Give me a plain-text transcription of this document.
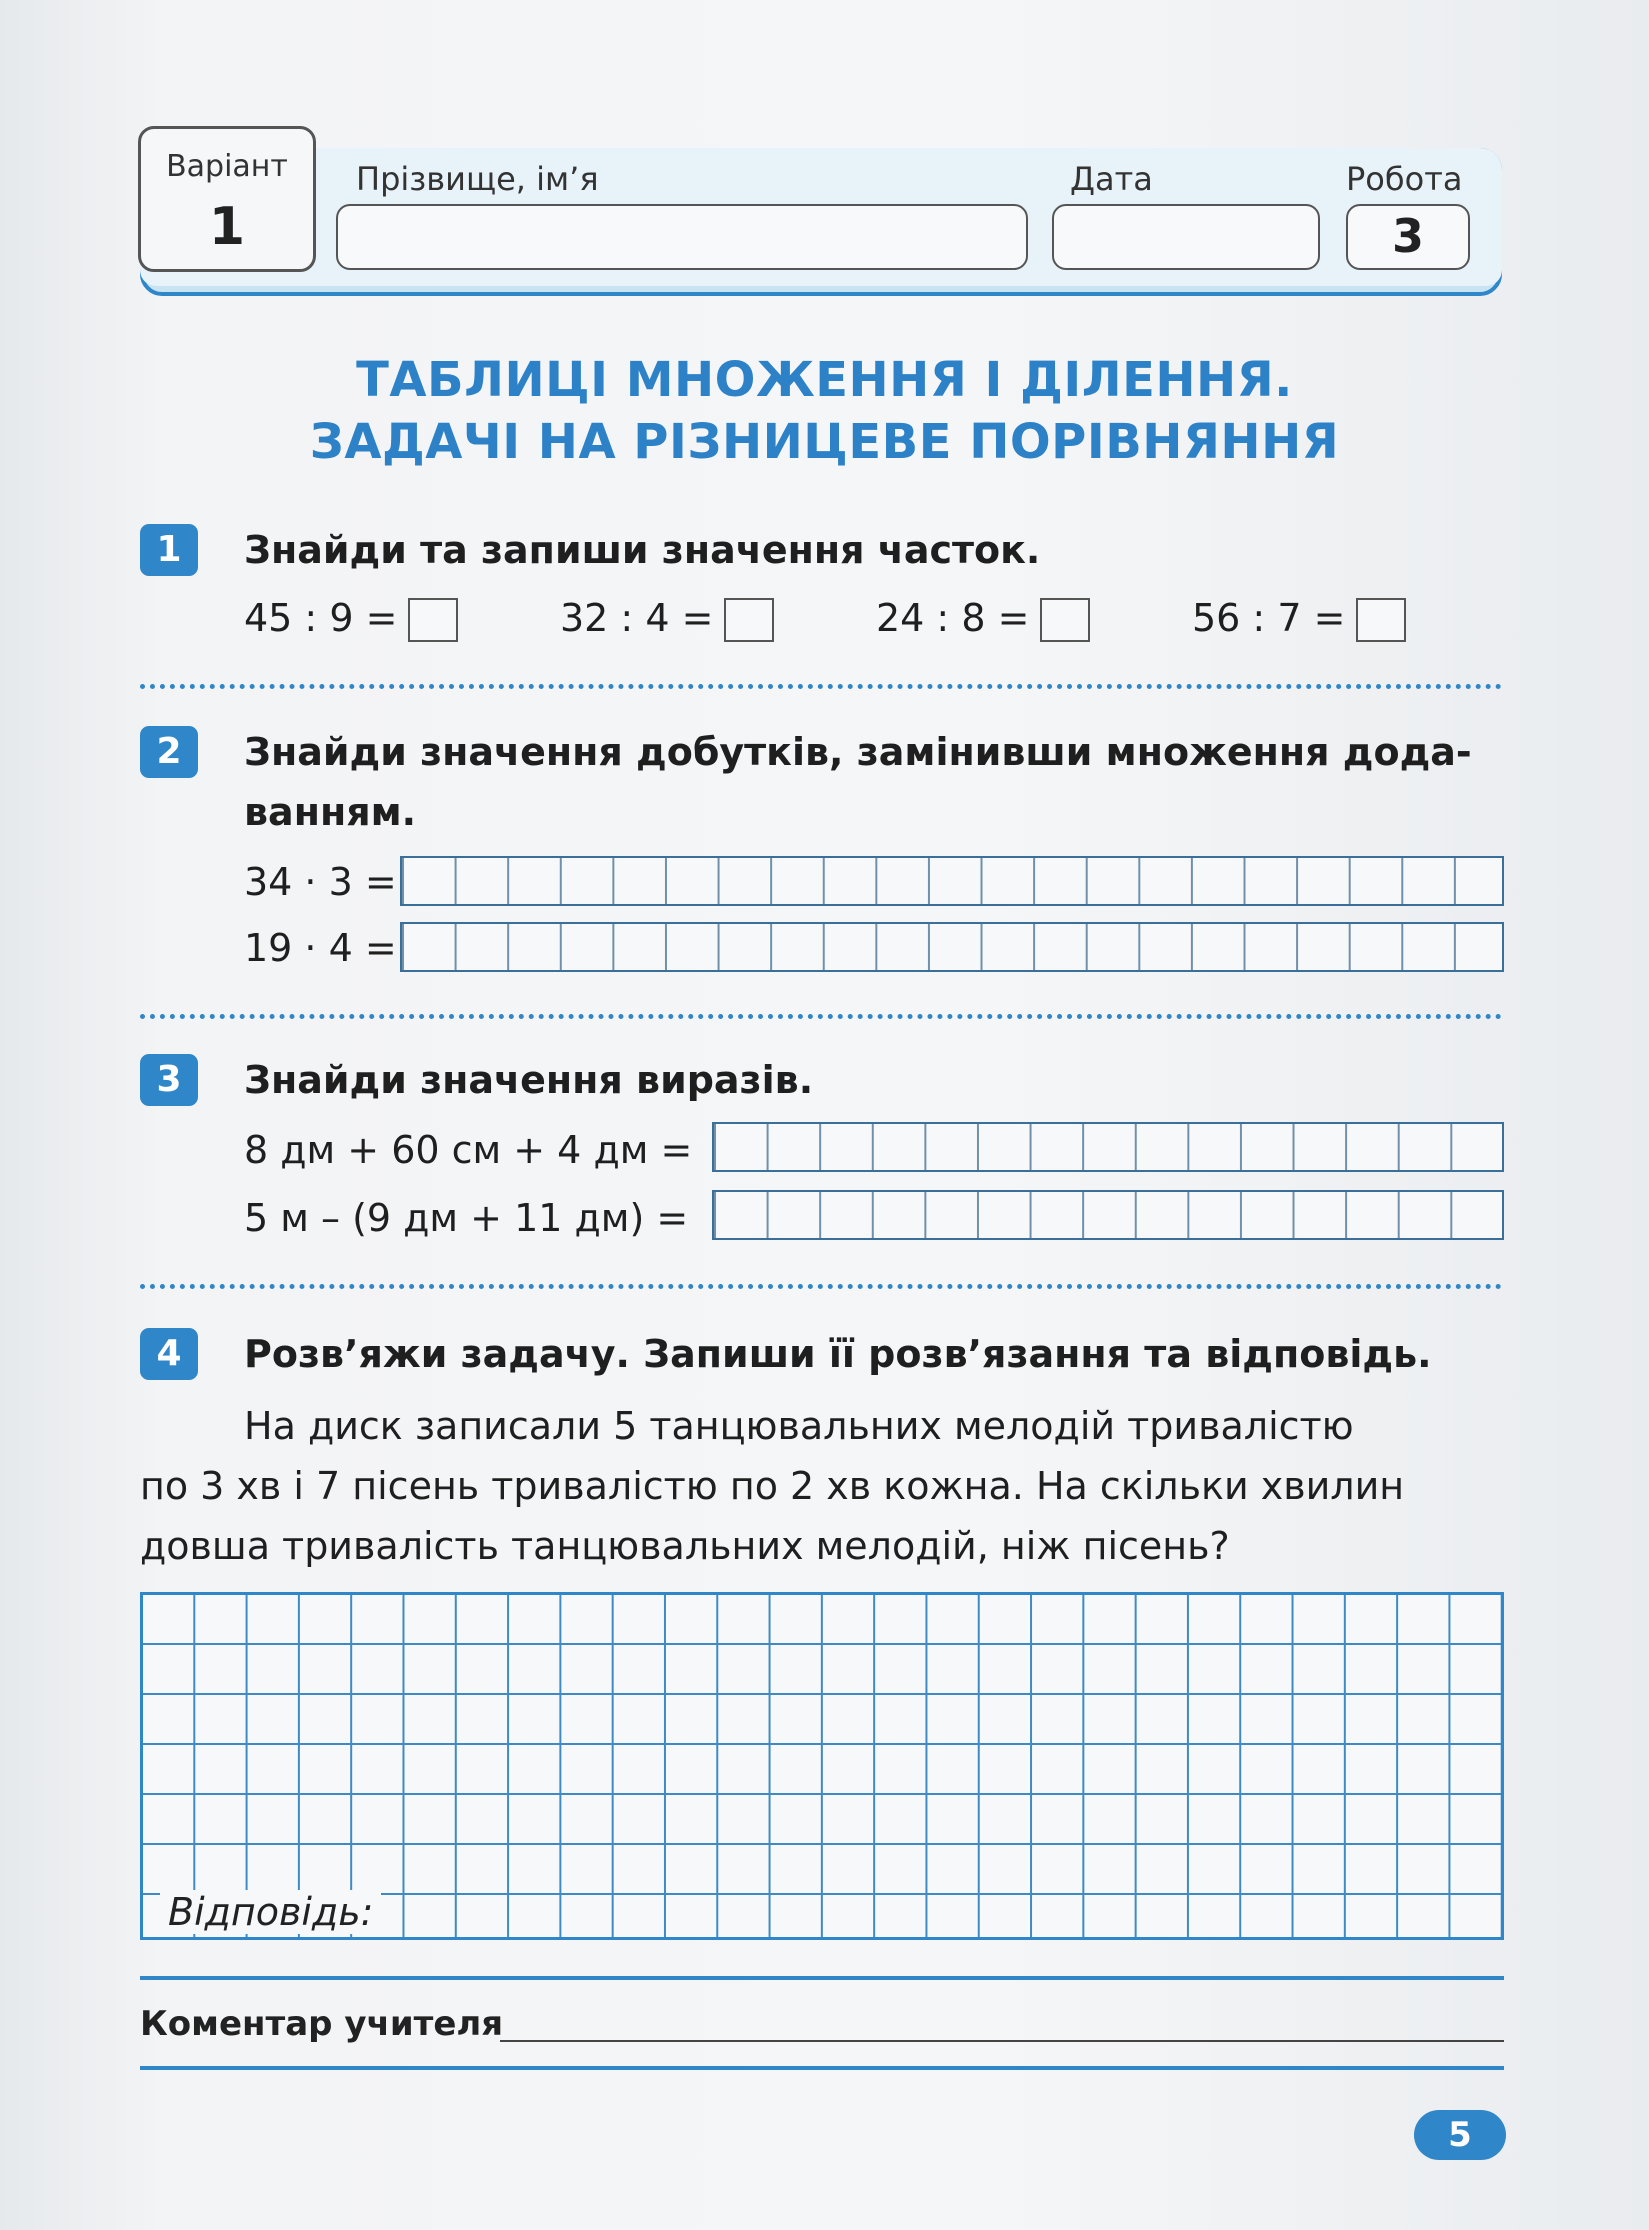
Варіант
1
Прізвище, ім’я	Дата	Робота
3
ТАБЛИЦІ МНОЖЕННЯ І ДІЛЕННЯ.
ЗАДАЧІ НА РІЗНИЦЕВЕ ПОРІВНЯННЯ
1	Знайди та запиши значення часток.
45 : 9 =	32 : 4 =	24 : 8 =	56 : 7 =
2	Знайди значення добутків, замінивши множення дода-
ванням.
34 · 3 =
19 · 4 =
3	Знайди значення виразів.
8 дм + 60 см + 4 дм =
5 м – (9 дм + 11 дм) =
4	Розв’яжи задачу. Запиши її розв’язання та відповідь.
На диск записали 5 танцювальних мелодій тривалістю
по 3 хв і 7 пісень тривалістю по 2 хв кожна. На скільки хвилин
довша тривалість танцювальних мелодій, ніж пісень?
Відповідь:
Коментар учителя
5
